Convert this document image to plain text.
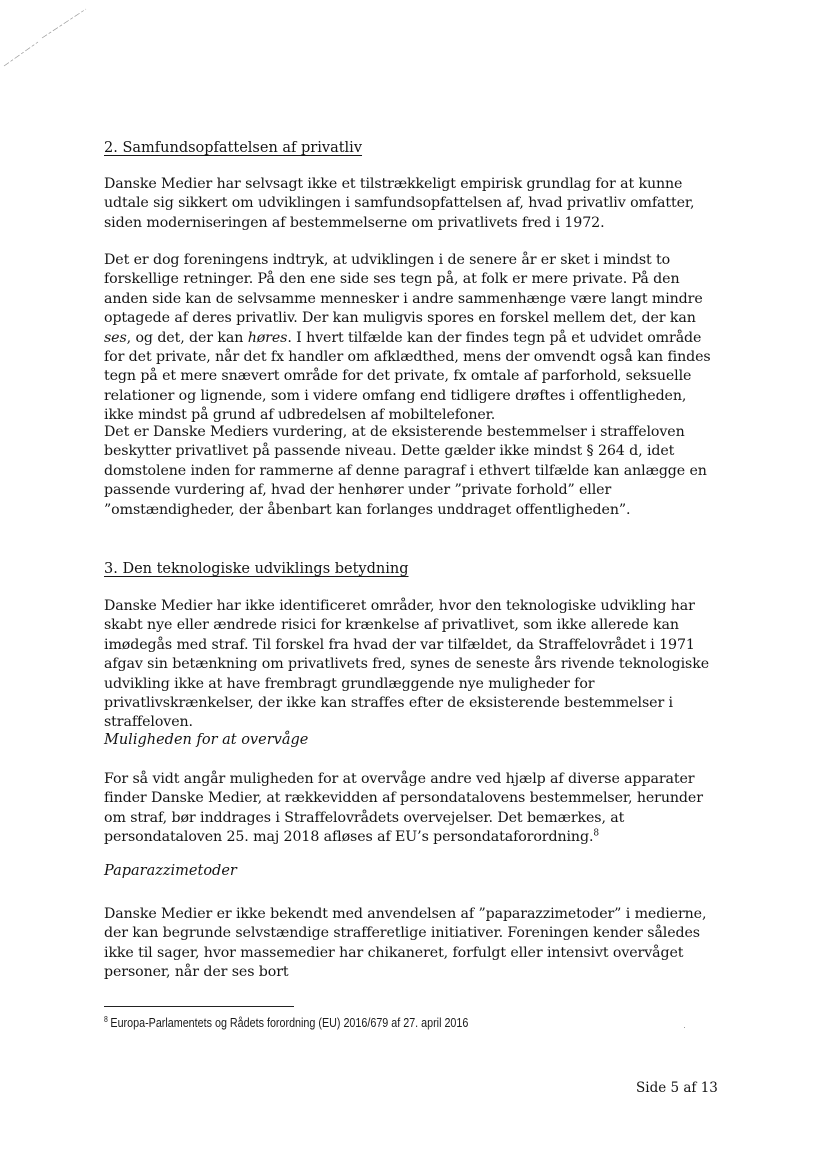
2. Samfundsopfattelsen af privatliv

Danske Medier har selvsagt ikke et tilstrækkeligt empirisk grundlag for at kunne udtale sig sikkert om udviklingen i samfundsopfattelsen af, hvad privatliv omfatter, siden moderniseringen af bestemmelserne om privatlivets fred i 1972.

Det er dog foreningens indtryk, at udviklingen i de senere år er sket i mindst to forskellige retninger. På den ene side ses tegn på, at folk er mere private. På den anden side kan de selvsamme mennesker i andre sammenhænge være langt mindre optagede af deres privatliv. Der kan muligvis spores en forskel mellem det, der kan ses, og det, der kan høres. I hvert tilfælde kan der findes tegn på et udvidet område for det private, når det fx handler om afklædthed, mens der omvendt også kan findes tegn på et mere snævert område for det private, fx omtale af parforhold, seksuelle relationer og lignende, som i videre omfang end tidligere drøftes i offentligheden, ikke mindst på grund af udbredelsen af mobiltelefoner.

Det er Danske Mediers vurdering, at de eksisterende bestemmelser i straffeloven beskytter privatlivet på passende niveau. Dette gælder ikke mindst § 264 d, idet domstolene inden for rammerne af denne paragraf i ethvert tilfælde kan anlægge en passende vurdering af, hvad der henhører under ”private forhold” eller ”omstændigheder, der åbenbart kan forlanges unddraget offentligheden”.

3. Den teknologiske udviklings betydning

Danske Medier har ikke identificeret områder, hvor den teknologiske udvikling har skabt nye eller ændrede risici for krænkelse af privatlivet, som ikke allerede kan imødegås med straf. Til forskel fra hvad der var tilfældet, da Straffelovrådet i 1971 afgav sin betænkning om privatlivets fred, synes de seneste års rivende teknologiske udvikling ikke at have frembragt grundlæggende nye muligheder for privatlivskrænkelser, der ikke kan straffes efter de eksisterende bestemmelser i straffeloven.

Muligheden for at overvåge

For så vidt angår muligheden for at overvåge andre ved hjælp af diverse apparater finder Danske Medier, at rækkevidden af persondatalovens bestemmelser, herunder om straf, bør inddrages i Straffelovrådets overvejelser. Det bemærkes, at persondataloven 25. maj 2018 afløses af EU’s persondataforordning.$^8$

Paparazzimetoder

Danske Medier er ikke bekendt med anvendelsen af ”paparazzimetoder” i medierne, der kan begrunde selvstændige strafferetlige initiativer. Foreningen kender således ikke til sager, hvor massemedier har chikaneret, forfulgt eller intensivt overvåget personer, når der ses bort

$^8$ Europa-Parlamentets og Rådets forordning (EU) 2016/679 af 27. april 2016
Side 5 af 13
